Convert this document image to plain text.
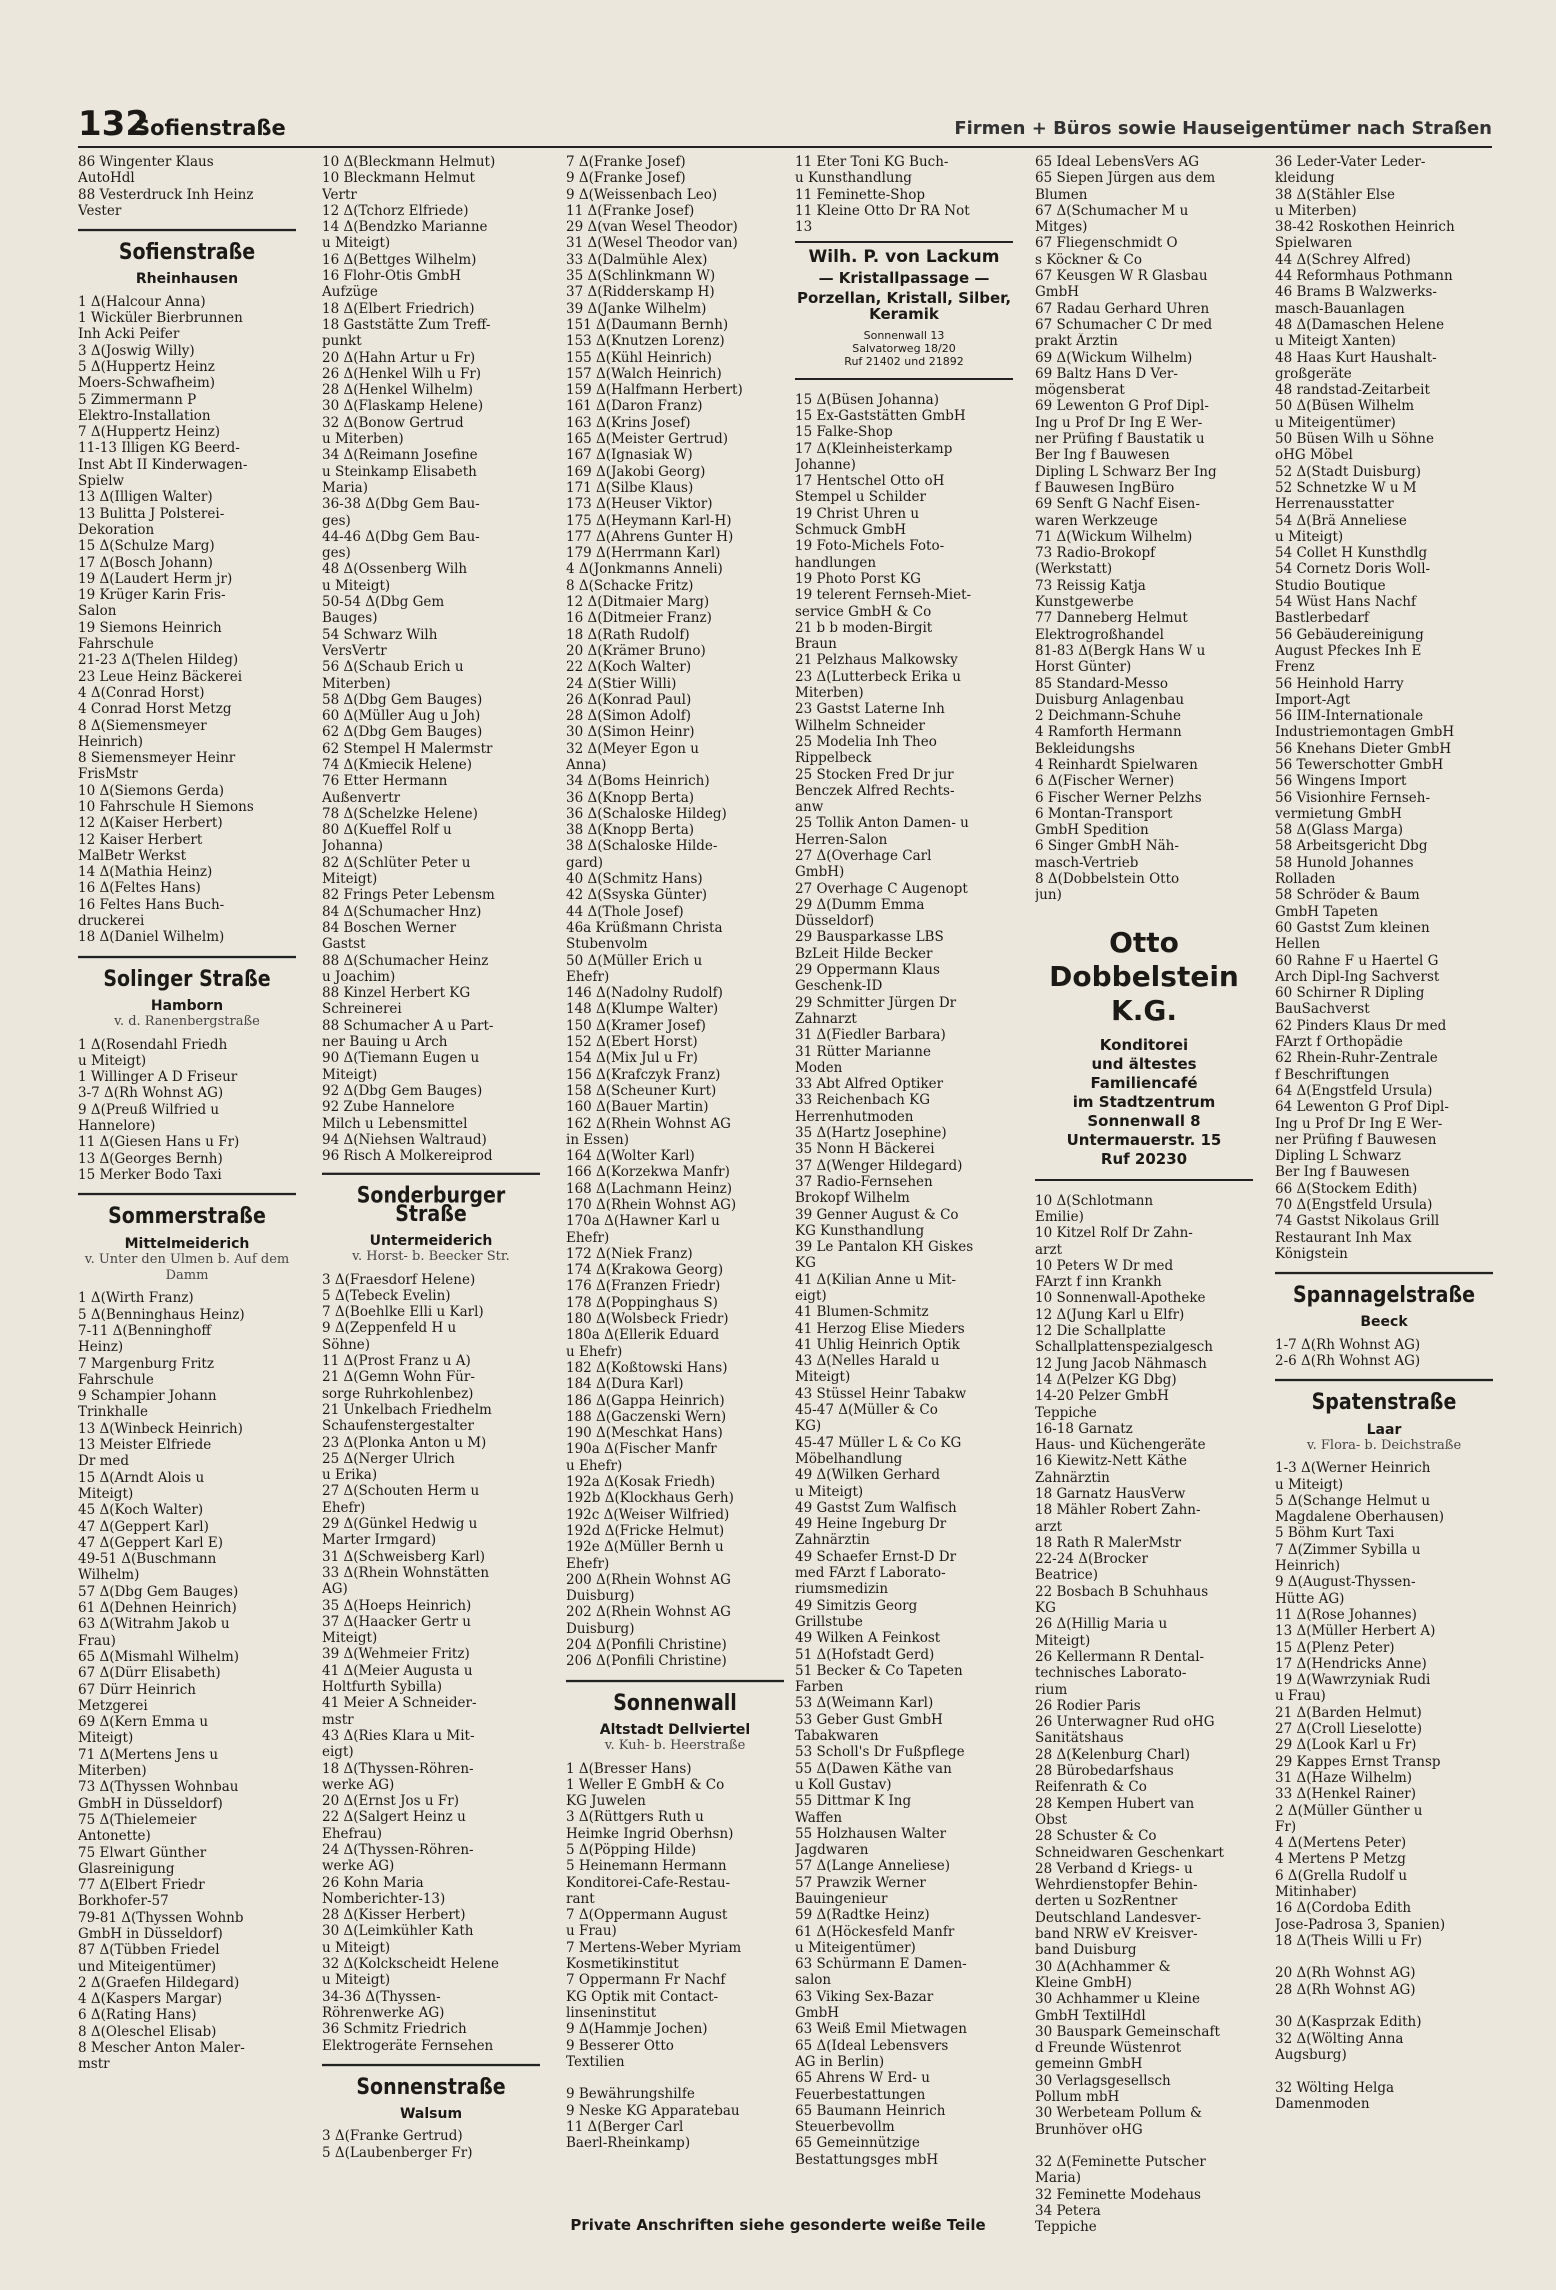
132
Sofienstraße	Firmen + Büros sowie Hauseigentümer nach Straßen
86 Wingenter Klaus
AutoHdl
88 Vesterdruck Inh Heinz
Vester
Sofienstraße
Rheinhausen
1 Δ(Halcour Anna)
1 Wicküler Bierbrunnen
Inh Acki Peifer
3 Δ(Joswig Willy)
5 Δ(Huppertz Heinz
Moers-Schwafheim)
5 Zimmermann P
Elektro-Installation
7 Δ(Huppertz Heinz)
11-13 Illigen KG Beerd-
Inst Abt II Kinderwagen-
Spielw
13 Δ(Illigen Walter)
13 Bulitta J Polsterei-
Dekoration
15 Δ(Schulze Marg)
17 Δ(Bosch Johann)
19 Δ(Laudert Herm jr)
19 Krüger Karin Fris-
Salon
19 Siemons Heinrich
Fahrschule
21-23 Δ(Thelen Hildeg)
23 Leue Heinz Bäckerei
4 Δ(Conrad Horst)
4 Conrad Horst Metzg
8 Δ(Siemensmeyer
Heinrich)
8 Siemensmeyer Heinr
FrisMstr
10 Δ(Siemons Gerda)
10 Fahrschule H Siemons
12 Δ(Kaiser Herbert)
12 Kaiser Herbert
MalBetr Werkst
14 Δ(Mathia Heinz)
16 Δ(Feltes Hans)
16 Feltes Hans Buch-
druckerei
18 Δ(Daniel Wilhelm)
Solinger Straße
Hamborn
v. d. Ranenbergstraße
1 Δ(Rosendahl Friedh
u Miteigt)
1 Willinger A D Friseur
3-7 Δ(Rh Wohnst AG)
9 Δ(Preuß Wilfried u
Hannelore)
11 Δ(Giesen Hans u Fr)
13 Δ(Georges Bernh)
15 Merker Bodo Taxi
Sommerstraße
Mittelmeiderich
v. Unter den Ulmen b. Auf dem Damm
1 Δ(Wirth Franz)
5 Δ(Benninghaus Heinz)
7-11 Δ(Benninghoff
Heinz)
7 Margenburg Fritz
Fahrschule
9 Schampier Johann
Trinkhalle
13 Δ(Winbeck Heinrich)
13 Meister Elfriede
Dr med
15 Δ(Arndt Alois u
Miteigt)
45 Δ(Koch Walter)
47 Δ(Geppert Karl)
47 Δ(Geppert Karl E)
49-51 Δ(Buschmann
Wilhelm)
57 Δ(Dbg Gem Bauges)
61 Δ(Dehnen Heinrich)
63 Δ(Witrahm Jakob u
Frau)
65 Δ(Mismahl Wilhelm)
67 Δ(Dürr Elisabeth)
67 Dürr Heinrich
Metzgerei
69 Δ(Kern Emma u
Miteigt)
71 Δ(Mertens Jens u
Miterben)
73 Δ(Thyssen Wohnbau
GmbH in Düsseldorf)
75 Δ(Thielemeier
Antonette)
75 Elwart Günther
Glasreinigung
77 Δ(Elbert Friedr
Borkhofer-57
79-81 Δ(Thyssen Wohnb
GmbH in Düsseldorf)
87 Δ(Tübben Friedel
und Miteigentümer)
2 Δ(Graefen Hildegard)
4 Δ(Kaspers Margar)
6 Δ(Rating Hans)
8 Δ(Oleschel Elisab)
8 Mescher Anton Maler-
mstr
10 Δ(Bleckmann Helmut)
10 Bleckmann Helmut
Vertr
12 Δ(Tchorz Elfriede)
14 Δ(Bendzko Marianne
u Miteigt)
16 Δ(Bettges Wilhelm)
16 Flohr-Otis GmbH
Aufzüge
18 Δ(Elbert Friedrich)
18 Gaststätte Zum Treff-
punkt
20 Δ(Hahn Artur u Fr)
26 Δ(Henkel Wilh u Fr)
28 Δ(Henkel Wilhelm)
30 Δ(Flaskamp Helene)
32 Δ(Bonow Gertrud
u Miterben)
34 Δ(Reimann Josefine
u Steinkamp Elisabeth
Maria)
36-38 Δ(Dbg Gem Bau-
ges)
44-46 Δ(Dbg Gem Bau-
ges)
48 Δ(Ossenberg Wilh
u Miteigt)
50-54 Δ(Dbg Gem
Bauges)
54 Schwarz Wilh
VersVertr
56 Δ(Schaub Erich u
Miterben)
58 Δ(Dbg Gem Bauges)
60 Δ(Müller Aug u Joh)
62 Δ(Dbg Gem Bauges)
62 Stempel H Malermstr
74 Δ(Kmiecik Helene)
76 Etter Hermann
Außenvertr
78 Δ(Schelzke Helene)
80 Δ(Kueffel Rolf u
Johanna)
82 Δ(Schlüter Peter u
Miteigt)
82 Frings Peter Lebensm
84 Δ(Schumacher Hnz)
84 Boschen Werner
Gastst
88 Δ(Schumacher Heinz
u Joachim)
88 Kinzel Herbert KG
Schreinerei
88 Schumacher A u Part-
ner Bauing u Arch
90 Δ(Tiemann Eugen u
Miteigt)
92 Δ(Dbg Gem Bauges)
92 Zube Hannelore
Milch u Lebensmittel
94 Δ(Niehsen Waltraud)
96 Risch A Molkereiprod
Sonderburger Straße
Untermeiderich
v. Horst- b. Beecker Str.
3 Δ(Fraesdorf Helene)
5 Δ(Tebeck Evelin)
7 Δ(Boehlke Elli u Karl)
9 Δ(Zeppenfeld H u
Söhne)
11 Δ(Prost Franz u A)
21 Δ(Gemn Wohn Für-
sorge Ruhrkohlenbez)
21 Unkelbach Friedhelm
Schaufenstergestalter
23 Δ(Plonka Anton u M)
25 Δ(Nerger Ulrich
u Erika)
27 Δ(Schouten Herm u
Ehefr)
29 Δ(Günkel Hedwig u
Marter Irmgard)
31 Δ(Schweisberg Karl)
33 Δ(Rhein Wohnstätten
AG)
35 Δ(Hoeps Heinrich)
37 Δ(Haacker Gertr u
Miteigt)
39 Δ(Wehmeier Fritz)
41 Δ(Meier Augusta u
Holtfurth Sybilla)
41 Meier A Schneider-
mstr
43 Δ(Ries Klara u Mit-
eigt)
18 Δ(Thyssen-Röhren-
werke AG)
20 Δ(Ernst Jos u Fr)
22 Δ(Salgert Heinz u
Ehefrau)
24 Δ(Thyssen-Röhren-
werke AG)
26 Kohn Maria
Nomberichter-13)
28 Δ(Kisser Herbert)
30 Δ(Leimkühler Kath
u Miteigt)
32 Δ(Kolckscheidt Helene
u Miteigt)
34-36 Δ(Thyssen-
Röhrenwerke AG)
36 Schmitz Friedrich
Elektrogeräte Fernsehen
Sonnenstraße
Walsum
3 Δ(Franke Gertrud)
5 Δ(Laubenberger Fr)
7 Δ(Franke Josef)
9 Δ(Franke Josef)
9 Δ(Weissenbach Leo)
11 Δ(Franke Josef)
29 Δ(van Wesel Theodor)
31 Δ(Wesel Theodor van)
33 Δ(Dalmühle Alex)
35 Δ(Schlinkmann W)
37 Δ(Ridderskamp H)
39 Δ(Janke Wilhelm)
151 Δ(Daumann Bernh)
153 Δ(Knutzen Lorenz)
155 Δ(Kühl Heinrich)
157 Δ(Walch Heinrich)
159 Δ(Halfmann Herbert)
161 Δ(Daron Franz)
163 Δ(Krins Josef)
165 Δ(Meister Gertrud)
167 Δ(Ignasiak W)
169 Δ(Jakobi Georg)
171 Δ(Silbe Klaus)
173 Δ(Heuser Viktor)
175 Δ(Heymann Karl-H)
177 Δ(Ahrens Gunter H)
179 Δ(Herrmann Karl)
4 Δ(Jonkmanns Anneli)
8 Δ(Schacke Fritz)
12 Δ(Ditmaier Marg)
16 Δ(Ditmeier Franz)
18 Δ(Rath Rudolf)
20 Δ(Krämer Bruno)
22 Δ(Koch Walter)
24 Δ(Stier Willi)
26 Δ(Konrad Paul)
28 Δ(Simon Adolf)
30 Δ(Simon Heinr)
32 Δ(Meyer Egon u
Anna)
34 Δ(Boms Heinrich)
36 Δ(Knopp Berta)
36 Δ(Schaloske Hildeg)
38 Δ(Knopp Berta)
38 Δ(Schaloske Hilde-
gard)
40 Δ(Schmitz Hans)
42 Δ(Ssyska Günter)
44 Δ(Thole Josef)
46a Krüßmann Christa
Stubenvolm
50 Δ(Müller Erich u
Ehefr)
146 Δ(Nadolny Rudolf)
148 Δ(Klumpe Walter)
150 Δ(Kramer Josef)
152 Δ(Ebert Horst)
154 Δ(Mix Jul u Fr)
156 Δ(Krafczyk Franz)
158 Δ(Scheuner Kurt)
160 Δ(Bauer Martin)
162 Δ(Rhein Wohnst AG
in Essen)
164 Δ(Wolter Karl)
166 Δ(Korzekwa Manfr)
168 Δ(Lachmann Heinz)
170 Δ(Rhein Wohnst AG)
170a Δ(Hawner Karl u
Ehefr)
172 Δ(Niek Franz)
174 Δ(Krakowa Georg)
176 Δ(Franzen Friedr)
178 Δ(Poppinghaus S)
180 Δ(Wolsbeck Friedr)
180a Δ(Ellerik Eduard
u Ehefr)
182 Δ(Koßtowski Hans)
184 Δ(Dura Karl)
186 Δ(Gappa Heinrich)
188 Δ(Gaczenski Wern)
190 Δ(Meschkat Hans)
190a Δ(Fischer Manfr
u Ehefr)
192a Δ(Kosak Friedh)
192b Δ(Klockhaus Gerh)
192c Δ(Weiser Wilfried)
192d Δ(Fricke Helmut)
192e Δ(Müller Bernh u
Ehefr)
200 Δ(Rhein Wohnst AG
Duisburg)
202 Δ(Rhein Wohnst AG
Duisburg)
204 Δ(Ponfili Christine)
206 Δ(Ponfili Christine)
Sonnenwall
Altstadt Dellviertel
v. Kuh- b. Heerstraße
1 Δ(Bresser Hans)
1 Weller E GmbH & Co
KG Juwelen
3 Δ(Rüttgers Ruth u
Heimke Ingrid Oberhsn)
5 Δ(Pöpping Hilde)
5 Heinemann Hermann
Konditorei-Cafe-Restau-
rant
7 Δ(Oppermann August
u Frau)
7 Mertens-Weber Myriam
Kosmetikinstitut
7 Oppermann Fr Nachf
KG Optik mit Contact-
linseninstitut
9 Δ(Hammje Jochen)
9 Besserer Otto
Textilien

9 Bewährungshilfe
9 Neske KG Apparatebau
11 Δ(Berger Carl
Baerl-Rheinkamp)
11 Eter Toni KG Buch-
u Kunsthandlung
11 Feminette-Shop
11 Kleine Otto Dr RA Not
13
Wilh. P. von Lackum
— Kristallpassage —
Porzellan, Kristall, Silber, Keramik
Sonnenwall 13
Salvatorweg 18/20
Ruf 21402 und 21892
15 Δ(Büsen Johanna)
15 Ex-Gaststätten GmbH
15 Falke-Shop
17 Δ(Kleinheisterkamp
Johanne)
17 Hentschel Otto oH
Stempel u Schilder
19 Christ Uhren u
Schmuck GmbH
19 Foto-Michels Foto-
handlungen
19 Photo Porst KG
19 telerent Fernseh-Miet-
service GmbH & Co
21 b b moden-Birgit
Braun
21 Pelzhaus Malkowsky
23 Δ(Lutterbeck Erika u
Miterben)
23 Gastst Laterne Inh
Wilhelm Schneider
25 Modelia Inh Theo
Rippelbeck
25 Stocken Fred Dr jur
Benczek Alfred Rechts-
anw
25 Tollik Anton Damen- u
Herren-Salon
27 Δ(Overhage Carl
GmbH)
27 Overhage C Augenopt
29 Δ(Dumm Emma
Düsseldorf)
29 Bausparkasse LBS
BzLeit Hilde Becker
29 Oppermann Klaus
Geschenk-ID
29 Schmitter Jürgen Dr
Zahnarzt
31 Δ(Fiedler Barbara)
31 Rütter Marianne
Moden
33 Abt Alfred Optiker
33 Reichenbach KG
Herrenhutmoden
35 Δ(Hartz Josephine)
35 Nonn H Bäckerei
37 Δ(Wenger Hildegard)
37 Radio-Fernsehen
Brokopf Wilhelm
39 Genner August & Co
KG Kunsthandlung
39 Le Pantalon KH Giskes
KG
41 Δ(Kilian Anne u Mit-
eigt)
41 Blumen-Schmitz
41 Herzog Elise Mieders
41 Uhlig Heinrich Optik
43 Δ(Nelles Harald u
Miteigt)
43 Stüssel Heinr Tabakw
45-47 Δ(Müller & Co
KG)
45-47 Müller L & Co KG
Möbelhandlung
49 Δ(Wilken Gerhard
u Miteigt)
49 Gastst Zum Walfisch
49 Heine Ingeburg Dr
Zahnärztin
49 Schaefer Ernst-D Dr
med FArzt f Laborato-
riumsmedizin
49 Simitzis Georg
Grillstube
49 Wilken A Feinkost
51 Δ(Hofstadt Gerd)
51 Becker & Co Tapeten
Farben
53 Δ(Weimann Karl)
53 Geber Gust GmbH
Tabakwaren
53 Scholl's Dr Fußpflege
55 Δ(Dawen Käthe van
u Koll Gustav)
55 Dittmar K Ing
Waffen
55 Holzhausen Walter
Jagdwaren
57 Δ(Lange Anneliese)
57 Prawzik Werner
Bauingenieur
59 Δ(Radtke Heinz)
61 Δ(Höckesfeld Manfr
u Miteigentümer)
63 Schürmann E Damen-
salon
63 Viking Sex-Bazar
GmbH
63 Weiß Emil Mietwagen
65 Δ(Ideal Lebensvers
AG in Berlin)
65 Ahrens W Erd- u
Feuerbestattungen
65 Baumann Heinrich
Steuerbevollm
65 Gemeinnützige
Bestattungsges mbH
65 Ideal LebensVers AG
65 Siepen Jürgen aus dem
Blumen
67 Δ(Schumacher M u
Mitges)
67 Fliegenschmidt O
s Köckner & Co
67 Keusgen W R Glasbau
GmbH
67 Radau Gerhard Uhren
67 Schumacher C Dr med
prakt Ärztin
69 Δ(Wickum Wilhelm)
69 Baltz Hans D Ver-
mögensberat
69 Lewenton G Prof Dipl-
Ing u Prof Dr Ing E Wer-
ner Prüfing f Baustatik u
Ber Ing f Bauwesen
Dipling L Schwarz Ber Ing
f Bauwesen IngBüro
69 Senft G Nachf Eisen-
waren Werkzeuge
71 Δ(Wickum Wilhelm)
73 Radio-Brokopf
(Werkstatt)
73 Reissig Katja
Kunstgewerbe
77 Danneberg Helmut
Elektrogroßhandel
81-83 Δ(Bergk Hans W u
Horst Günter)
85 Standard-Messo
Duisburg Anlagenbau
2 Deichmann-Schuhe
4 Ramforth Hermann
Bekleidungshs
4 Reinhardt Spielwaren
6 Δ(Fischer Werner)
6 Fischer Werner Pelzhs
6 Montan-Transport
GmbH Spedition
6 Singer GmbH Näh-
masch-Vertrieb
8 Δ(Dobbelstein Otto
jun)
Otto Dobbelstein K.G.
Konditorei
und ältestes
Familiencafé
im Stadtzentrum
Sonnenwall 8
Untermauerstr. 15
Ruf 20230
10 Δ(Schlotmann
Emilie)
10 Kitzel Rolf Dr Zahn-
arzt
10 Peters W Dr med
FArzt f inn Krankh
10 Sonnenwall-Apotheke
12 Δ(Jung Karl u Elfr)
12 Die Schallplatte
Schallplattenspezialgesch
12 Jung Jacob Nähmasch
14 Δ(Pelzer KG Dbg)
14-20 Pelzer GmbH
Teppiche
16-18 Garnatz
Haus- und Küchengeräte
16 Kiewitz-Nett Käthe
Zahnärztin
18 Garnatz HausVerw
18 Mähler Robert Zahn-
arzt
18 Rath R MalerMstr
22-24 Δ(Brocker
Beatrice)
22 Bosbach B Schuhhaus
KG
26 Δ(Hillig Maria u
Miteigt)
26 Kellermann R Dental-
technisches Laborato-
rium
26 Rodier Paris
26 Unterwagner Rud oHG
Sanitätshaus
28 Δ(Kelenburg Charl)
28 Bürobedarfshaus
Reifenrath & Co
28 Kempen Hubert van
Obst
28 Schuster & Co
Schneidwaren Geschenkart
28 Verband d Kriegs- u
Wehrdienstopfer Behin-
derten u SozRentner
Deutschland Landesver-
band NRW eV Kreisver-
band Duisburg
30 Δ(Achhammer &
Kleine GmbH)
30 Achhammer u Kleine
GmbH TextilHdl
30 Bauspark Gemeinschaft
d Freunde Wüstenrot
gemeinn GmbH
30 Verlagsgesellsch
Pollum mbH
30 Werbeteam Pollum &
Brunhöver oHG

32 Δ(Feminette Putscher
Maria)
32 Feminette Modehaus
34 Petera
Teppiche
36 Leder-Vater Leder-
kleidung
38 Δ(Stähler Else
u Miterben)
38-42 Roskothen Heinrich
Spielwaren
44 Δ(Schrey Alfred)
44 Reformhaus Pothmann
46 Brams B Walzwerks-
masch-Bauanlagen
48 Δ(Damaschen Helene
u Miteigt Xanten)
48 Haas Kurt Haushalt-
großgeräte
48 randstad-Zeitarbeit
50 Δ(Büsen Wilhelm
u Miteigentümer)
50 Büsen Wilh u Söhne
oHG Möbel
52 Δ(Stadt Duisburg)
52 Schnetzke W u M
Herrenausstatter
54 Δ(Brä Anneliese
u Miteigt)
54 Collet H Kunsthdlg
54 Cornetz Doris Woll-
Studio Boutique
54 Wüst Hans Nachf
Bastlerbedarf
56 Gebäudereinigung
August Pfeckes Inh E
Frenz
56 Heinhold Harry
Import-Agt
56 IIM-Internationale
Industriemontagen GmbH
56 Knehans Dieter GmbH
56 Tewerschotter GmbH
56 Wingens Import
56 Visionhire Fernseh-
vermietung GmbH
58 Δ(Glass Marga)
58 Arbeitsgericht Dbg
58 Hunold Johannes
Rolladen
58 Schröder & Baum
GmbH Tapeten
60 Gastst Zum kleinen
Hellen
60 Rahne F u Haertel G
Arch Dipl-Ing Sachverst
60 Schirner R Dipling
BauSachverst
62 Pinders Klaus Dr med
FArzt f Orthopädie
62 Rhein-Ruhr-Zentrale
f Beschriftungen
64 Δ(Engstfeld Ursula)
64 Lewenton G Prof Dipl-
Ing u Prof Dr Ing E Wer-
ner Prüfing f Bauwesen
Dipling L Schwarz
Ber Ing f Bauwesen
66 Δ(Stockem Edith)
70 Δ(Engstfeld Ursula)
74 Gastst Nikolaus Grill
Restaurant Inh Max
Königstein
Spannagelstraße
Beeck
1-7 Δ(Rh Wohnst AG)
2-6 Δ(Rh Wohnst AG)
Spatenstraße
Laar
v. Flora- b. Deichstraße
1-3 Δ(Werner Heinrich
u Miteigt)
5 Δ(Schange Helmut u
Magdalene Oberhausen)
5 Böhm Kurt Taxi
7 Δ(Zimmer Sybilla u
Heinrich)
9 Δ(August-Thyssen-
Hütte AG)
11 Δ(Rose Johannes)
13 Δ(Müller Herbert A)
15 Δ(Plenz Peter)
17 Δ(Hendricks Anne)
19 Δ(Wawrzyniak Rudi
u Frau)
21 Δ(Barden Helmut)
27 Δ(Croll Lieselotte)
29 Δ(Look Karl u Fr)
29 Kappes Ernst Transp
31 Δ(Haze Wilhelm)
33 Δ(Henkel Rainer)
2 Δ(Müller Günther u
Fr)
4 Δ(Mertens Peter)
4 Mertens P Metzg
6 Δ(Grella Rudolf u
Mitinhaber)
16 Δ(Cordoba Edith
Jose-Padrosa 3, Spanien)
18 Δ(Theis Willi u Fr)

20 Δ(Rh Wohnst AG)
28 Δ(Rh Wohnst AG)

30 Δ(Kasprzak Edith)
32 Δ(Wölting Anna
Augsburg)

32 Wölting Helga
Damenmoden
Private Anschriften siehe gesonderte weiße Teile
